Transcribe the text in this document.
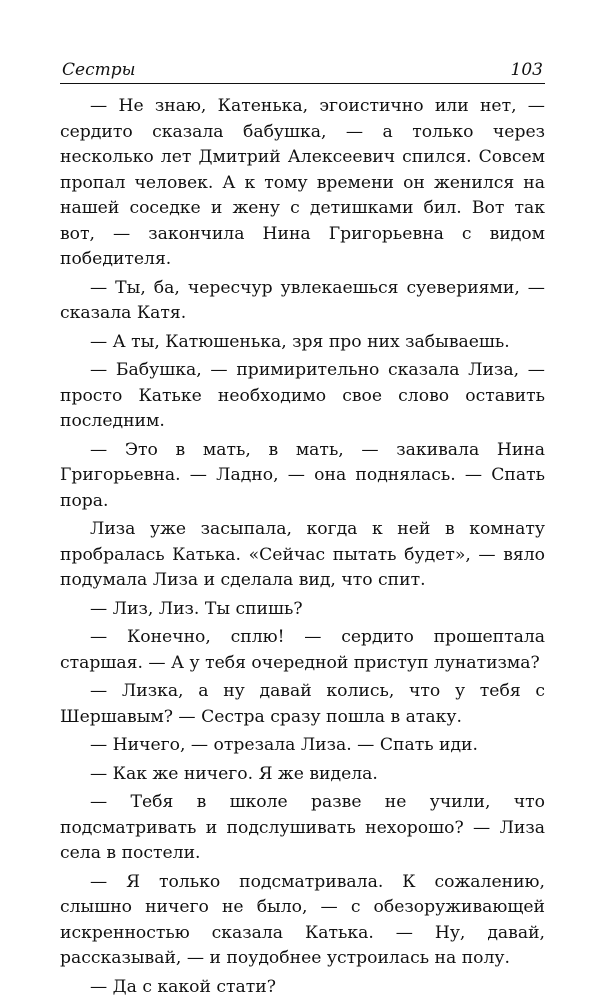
Сестры	103

— Не знаю, Катенька, эгоистично или нет, — сердито сказала бабушка, — а только через несколько лет Дмитрий Алексеевич спился. Совсем пропал человек. А к тому времени он женился на нашей соседке и жену с детишками бил. Вот так вот, — закончила Нина Григорьевна с видом победителя.

— Ты, ба, чересчур увлекаешься суевериями, — сказала Катя.

— А ты, Катюшенька, зря про них забываешь.

— Бабушка, — примирительно сказала Лиза, — просто Катьке необходимо свое слово оставить последним.

— Это в мать, в мать, — закивала Нина Григорьевна. — Ладно, — она поднялась. — Спать пора.

Лиза уже засыпала, когда к ней в комнату пробралась Катька. «Сейчас пытать будет», — вяло подумала Лиза и сделала вид, что спит.

— Лиз, Лиз. Ты спишь?

— Конечно, сплю! — сердито прошептала старшая. — А у тебя очередной приступ лунатизма?

— Лизка, а ну давай колись, что у тебя с Шершавым? — Сестра сразу пошла в атаку.

— Ничего, — отрезала Лиза. — Спать иди.

— Как же ничего. Я же видела.

— Тебя в школе разве не учили, что подсматривать и подслушивать нехорошо? — Лиза села в постели.

— Я только подсматривала. К сожалению, слышно ничего не было, — с обезоруживающей искренностью сказала Катька. — Ну, давай, рассказывай, — и поудобнее устроилась на полу.

— Да с какой стати?
